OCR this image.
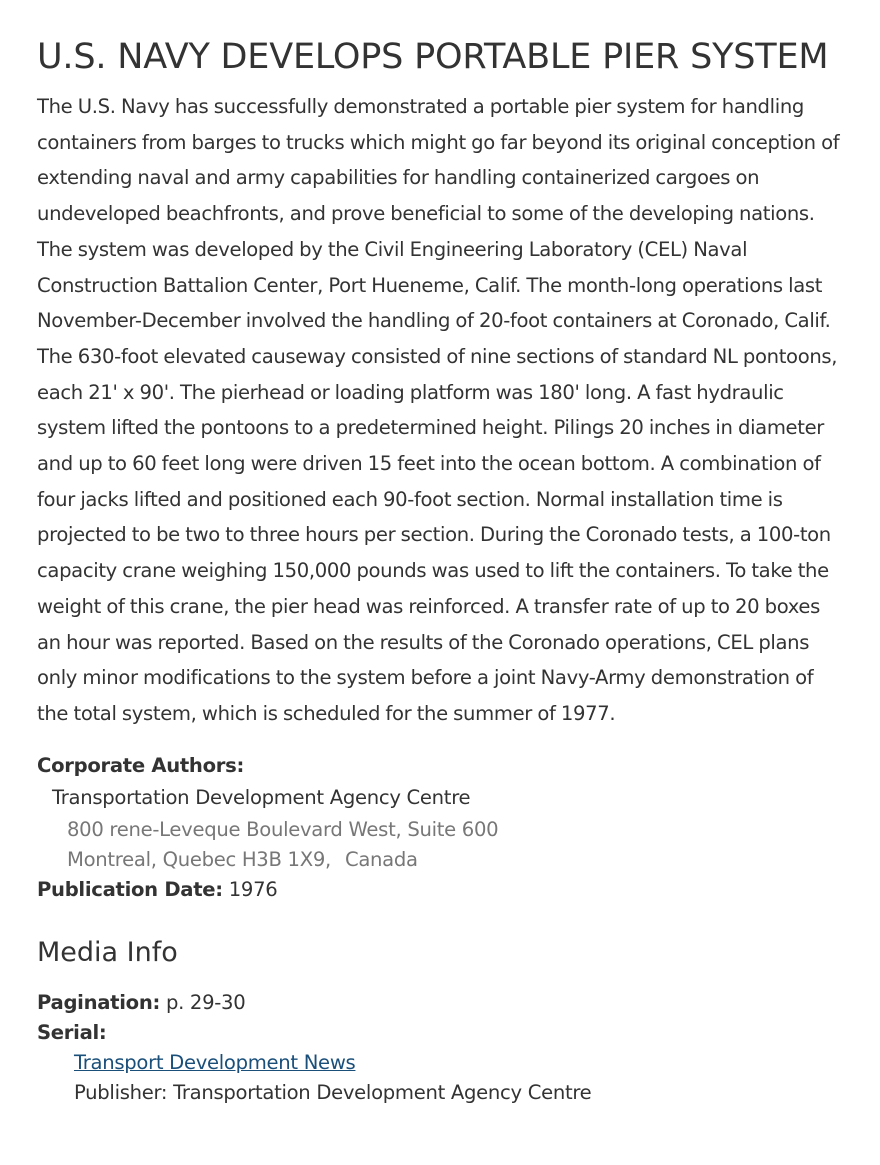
U.S. NAVY DEVELOPS PORTABLE PIER SYSTEM

The U.S. Navy has successfully demonstrated a portable pier system for handling containers from barges to trucks which might go far beyond its original conception of extending naval and army capabilities for handling containerized cargoes on undeveloped beachfronts, and prove beneficial to some of the developing nations. The system was developed by the Civil Engineering Laboratory (CEL) Naval Construction Battalion Center, Port Hueneme, Calif. The month-long operations last November-December involved the handling of 20-foot containers at Coronado, Calif. The 630-foot elevated causeway consisted of nine sections of standard NL pontoons, each 21' x 90'. The pierhead or loading platform was 180' long. A fast hydraulic system lifted the pontoons to a predetermined height. Pilings 20 inches in diameter and up to 60 feet long were driven 15 feet into the ocean bottom. A combination of four jacks lifted and positioned each 90-foot section. Normal installation time is projected to be two to three hours per section. During the Coronado tests, a 100-ton capacity crane weighing 150,000 pounds was used to lift the containers. To take the weight of this crane, the pier head was reinforced. A transfer rate of up to 20 boxes an hour was reported. Based on the results of the Coronado operations, CEL plans only minor modifications to the system before a joint Navy-Army demonstration of the total system, which is scheduled for the summer of 1977.

Corporate Authors:
Transportation Development Agency Centre
800 rene-Leveque Boulevard West, Suite 600
Montreal, Quebec H3B 1X9, Canada
Publication Date: 1976
Media Info
Pagination: p. 29-30
Serial:
Transport Development News
Publisher: Transportation Development Agency Centre
